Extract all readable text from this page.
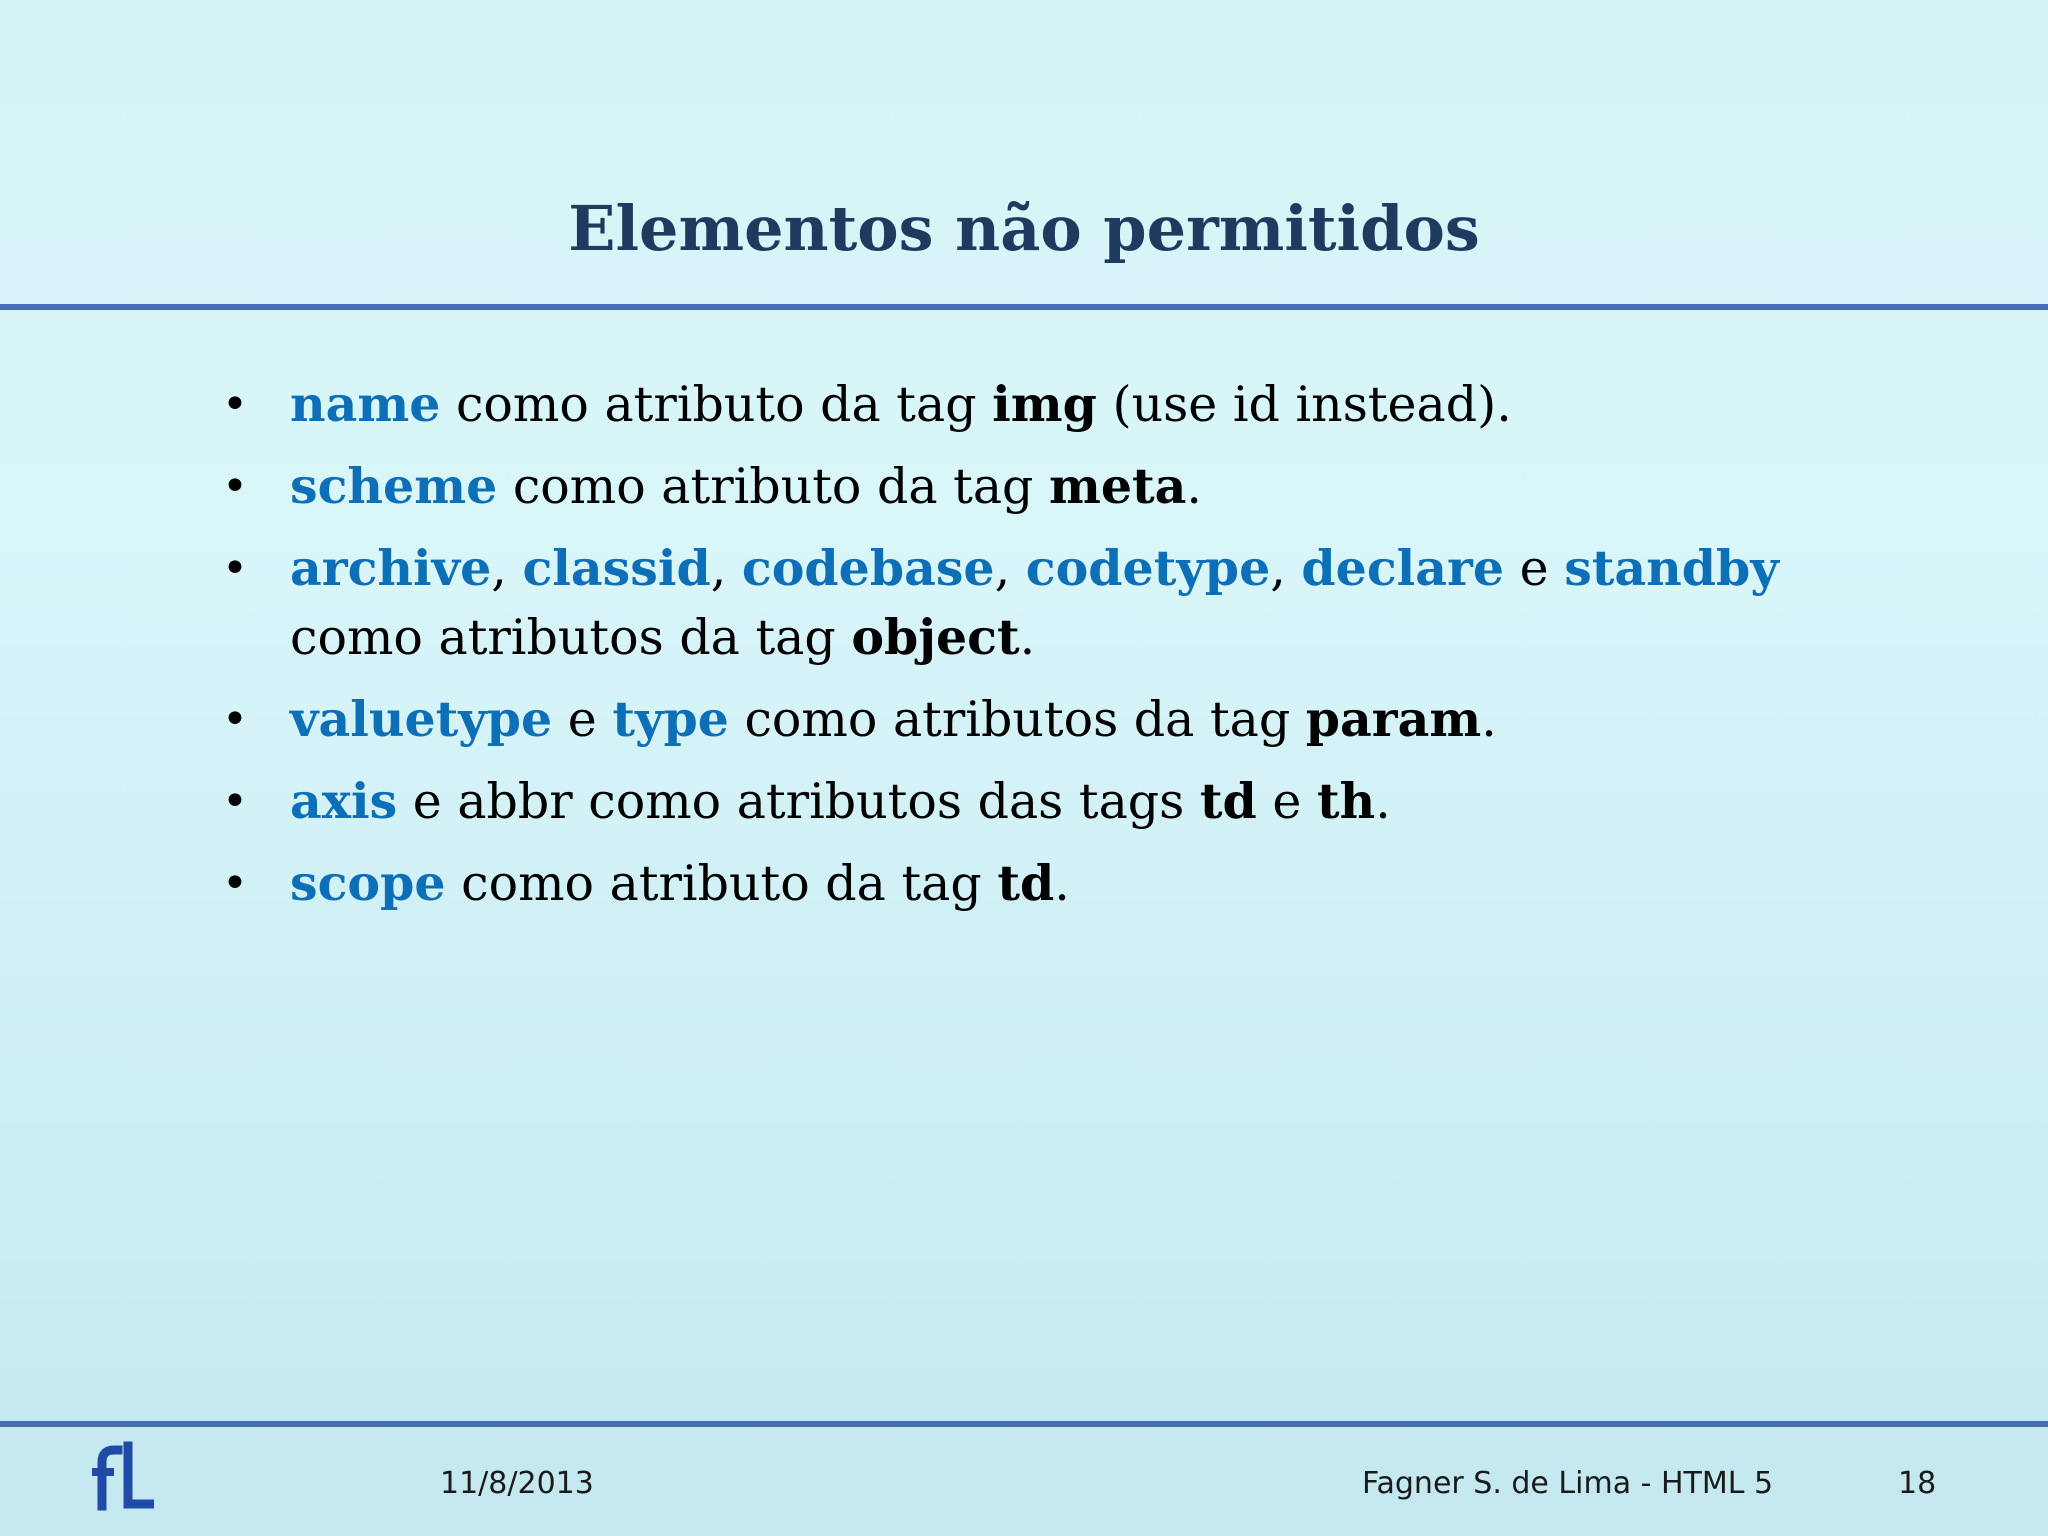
Elementos não permitidos
• name como atributo da tag img (use id instead).
• scheme como atributo da tag meta.
• archive, classid, codebase, codetype, declare e standby como atributos da tag object.
• valuetype e type como atributos da tag param.
• axis e abbr como atributos das tags td e th.
• scope como atributo da tag td.
11/8/2013	Fagner S. de Lima - HTML 5	18
